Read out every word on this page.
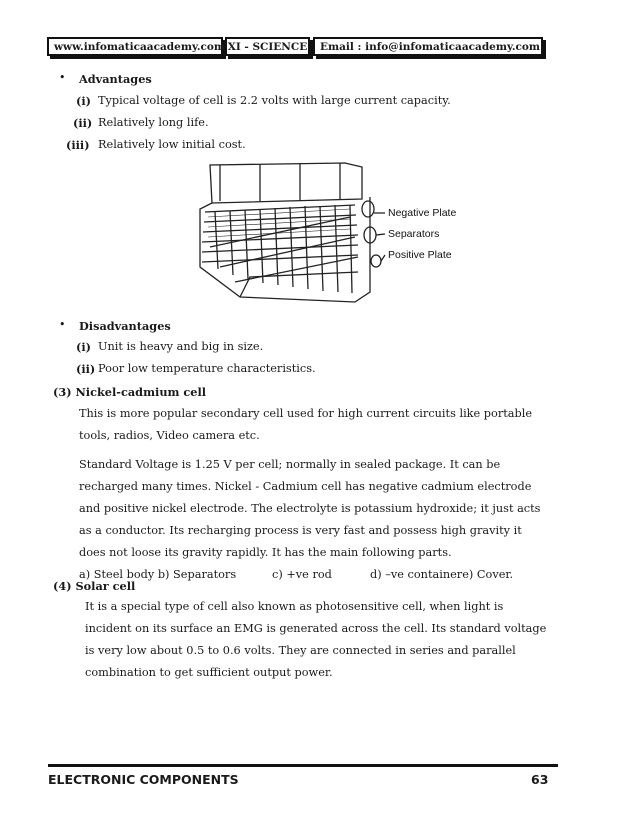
www.infomaticaacademy.com XI - SCIENCE	Email : info@infomaticaacademy.com
• Advantages
(i) Typical voltage of cell is 2.2 volts with large current capacity.
(ii) Relatively long life.
(iii) Relatively low initial cost.
Negative Plate
Separators
Positive Plate
• Disadvantages
(i) Unit is heavy and big in size.
(ii) Poor low temperature characteristics.
(3) Nickel-cadmium cell
This is more popular secondary cell used for high current circuits like portable
tools, radios, Video camera etc.
Standard Voltage is 1.25 V per cell; normally in sealed package. It can be
recharged many times. Nickel - Cadmium cell has negative cadmium electrode
and positive nickel electrode. The electrolyte is potassium hydroxide; it just acts
as a conductor. Its recharging process is very fast and possess high gravity it
does not loose its gravity rapidly. It has the main following parts.
a) Steel body b) Separators	c) +ve rod	d) –ve containere) Cover.
(4) Solar cell
It is a special type of cell also known as photosensitive cell, when light is
incident on its surface an EMG is generated across the cell. Its standard voltage
is very low about 0.5 to 0.6 volts. They are connected in series and parallel
combination to get sufficient output power.
ELECTRONIC COMPONENTS	63
